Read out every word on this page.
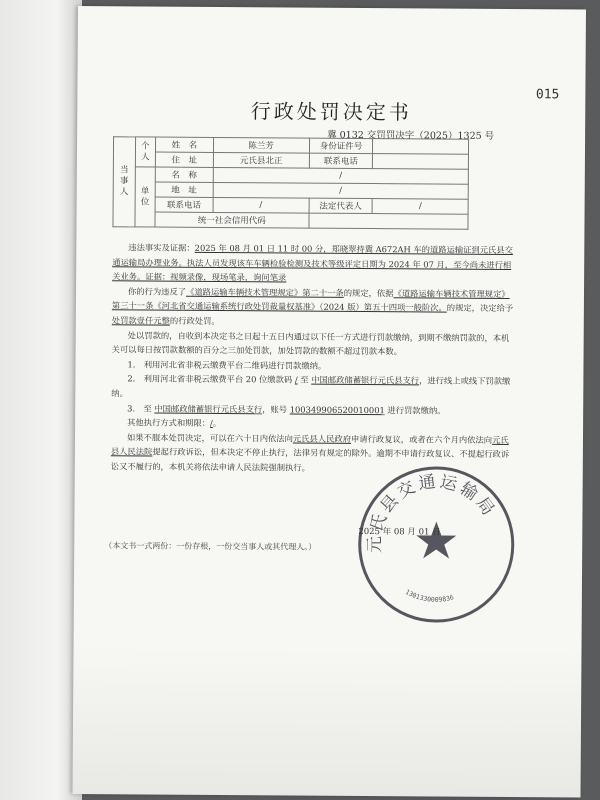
015
行政处罚决定书
冀 0132 交罚罚决字（2025）1325 号
当事人	个人	姓　名	陈兰芳	身份证件号	
		住　址	元氏县北正	联系电话	
	单位	名　称	/		
		地　址	/		
		联系电话	/	法定代表人	/
		统一社会信用代码			

违法事实及证据：2025 年 08 月 01 日 11 时 00 分，郑晓翠持冀 A672AH 车的道路运输证到元氏县交通运输局办理业务。执法人员发现该车车辆检验检测及技术等级评定日期为 2024 年 07 月，至今尚未进行相关业务。证据：视频录像，现场笔录，询问笔录

你的行为违反了《道路运输车辆技术管理规定》第二十一条的规定，依据《道路运输车辆技术管理规定》第三十一条《河北省交通运输系统行政处罚裁量权基准》（2024 版）第五十四项一般阶次。的规定，决定给予处罚款壹仟元整的行政处罚。

处以罚款的，自收到本决定书之日起十五日内通过以下任一方式进行罚款缴纳，到期不缴纳罚款的，本机关可以每日按罚款数额的百分之三加处罚款，加处罚款的数额不超过罚款本数。

1.　利用河北省非税云缴费平台二维码进行罚款缴纳。

2.　利用河北省非税云缴费平台 20 位缴款码 / 至 中国邮政储蓄银行元氏县支行，进行线上或线下罚款缴纳。

3.　至 中国邮政储蓄银行元氏县支行，账号 100349906520010001 进行罚款缴纳。

其他执行方式和期限：/。

如果不服本处罚决定，可以在六十日内依法向元氏县人民政府申请行政复议，或者在六个月内依法向元氏县人民法院提起行政诉讼，但本决定不停止执行，法律另有规定的除外。逾期不申请行政复议、不提起行政诉讼又不履行的，本机关将依法申请人民法院强制执行。

元氏县交通运输局
1301330009836
2025 年 08 月 01 日
（本文书一式两份：一份存根，一份交当事人或其代理人。）
